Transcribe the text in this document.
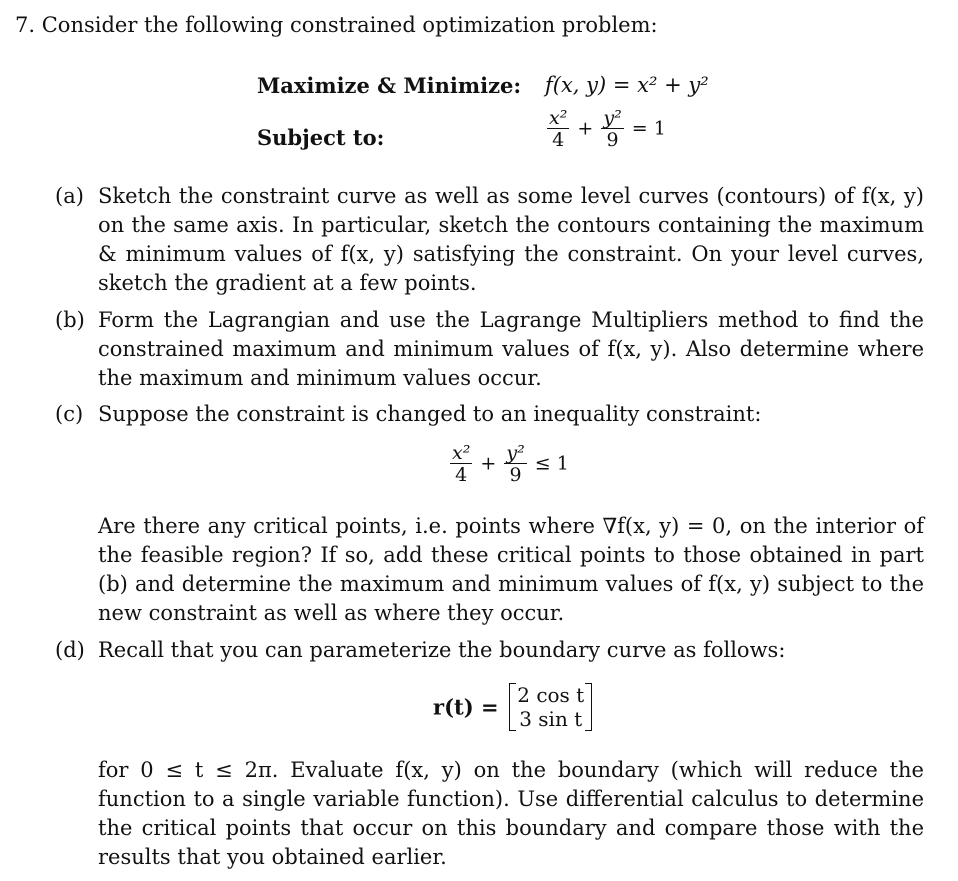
7. Consider the following constrained optimization problem:
Maximize & Minimize: f(x, y) = x² + y²
Subject to:	$\frac{\text{x²}}{4} + \frac{\text{y²}}{9} = 1$
(a) Sketch the constraint curve as well as some level curves (contours) of f(x, y) on the same axis. In particular, sketch the contours containing the maximum & minimum values of f(x, y) satisfying the constraint. On your level curves, sketch the gradient at a few points.

(b) Form the Lagrangian and use the Lagrange Multipliers method to find the constrained maximum and minimum values of f(x, y). Also determine where the maximum and minimum values occur.

(c) Suppose the constraint is changed to an inequality constraint:

$\frac{\text{x²}}{4} + \frac{\text{y²}}{9} \le 1$

Are there any critical points, i.e. points where ∇f(x, y) = 0, on the interior of the feasible region? If so, add these critical points to those obtained in part (b) and determine the maximum and minimum values of f(x, y) subject to the new constraint as well as where they occur.

(d) Recall that you can parameterize the boundary curve as follows:

r(t) = 2 cos t
3 sin t

for 0 ≤ t ≤ 2π. Evaluate f(x, y) on the boundary (which will reduce the function to a single variable function). Use differential calculus to determine the critical points that occur on this boundary and compare those with the results that you obtained earlier.
